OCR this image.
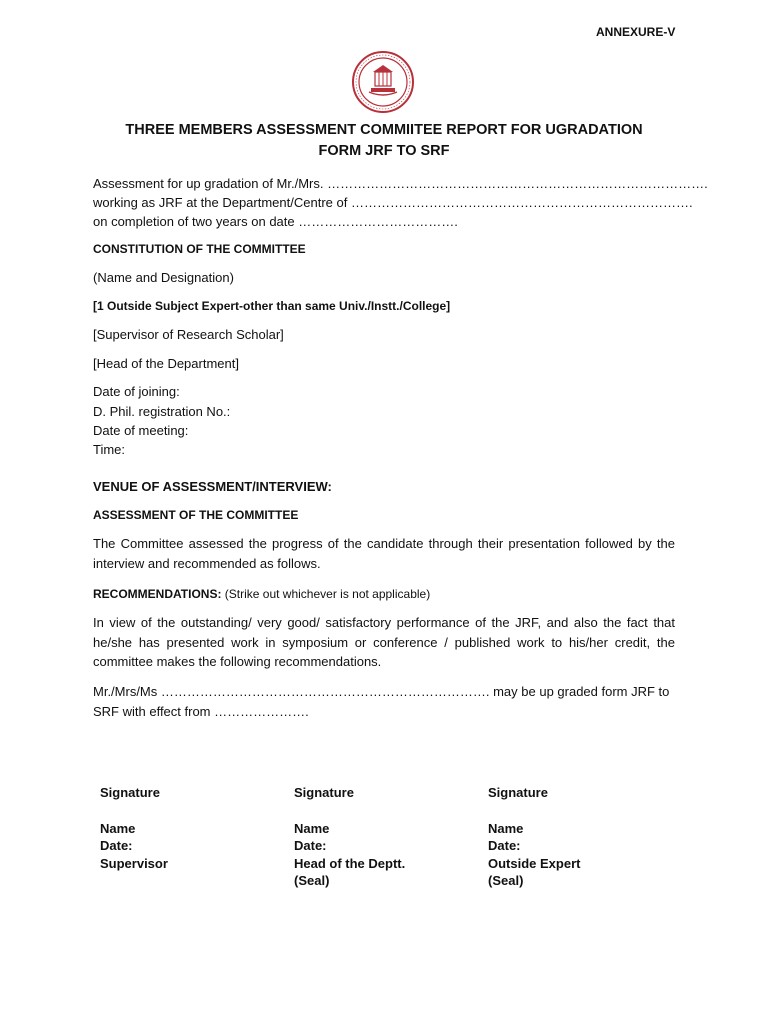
ANNEXURE-V
THREE MEMBERS ASSESSMENT COMMIITEE REPORT FOR UGRADATION
FORM JRF TO SRF
Assessment for up gradation of Mr./Mrs. …………………………………………………………………………….
working as JRF at the Department/Centre of …………………………………………………………………….
on completion of two years on date ……………………………….
CONSTITUTION OF THE COMMITTEE
(Name and Designation)
[1 Outside Subject Expert-other than same Univ./Instt./College]
[Supervisor of Research Scholar]
[Head of the Department]
Date of joining:
D. Phil. registration No.:
Date of meeting:
Time:
VENUE OF ASSESSMENT/INTERVIEW:
ASSESSMENT OF THE COMMITTEE

The Committee assessed the progress of the candidate through their presentation followed by the interview and recommended as follows.

RECOMMENDATIONS: (Strike out whichever is not applicable)

In view of the outstanding/ very good/ satisfactory performance of the JRF, and also the fact that he/she has presented work in symposium or conference / published work to his/her credit, the committee makes the following recommendations.

Mr./Mrs/Ms …………………………………………………………………. may be up graded form JRF to SRF with effect from ………………….

Signature
Name
Date:
Supervisor
Signature
Name
Date:
Head of the Deptt.
(Seal)
Signature
Name
Date:
Outside Expert
(Seal)
